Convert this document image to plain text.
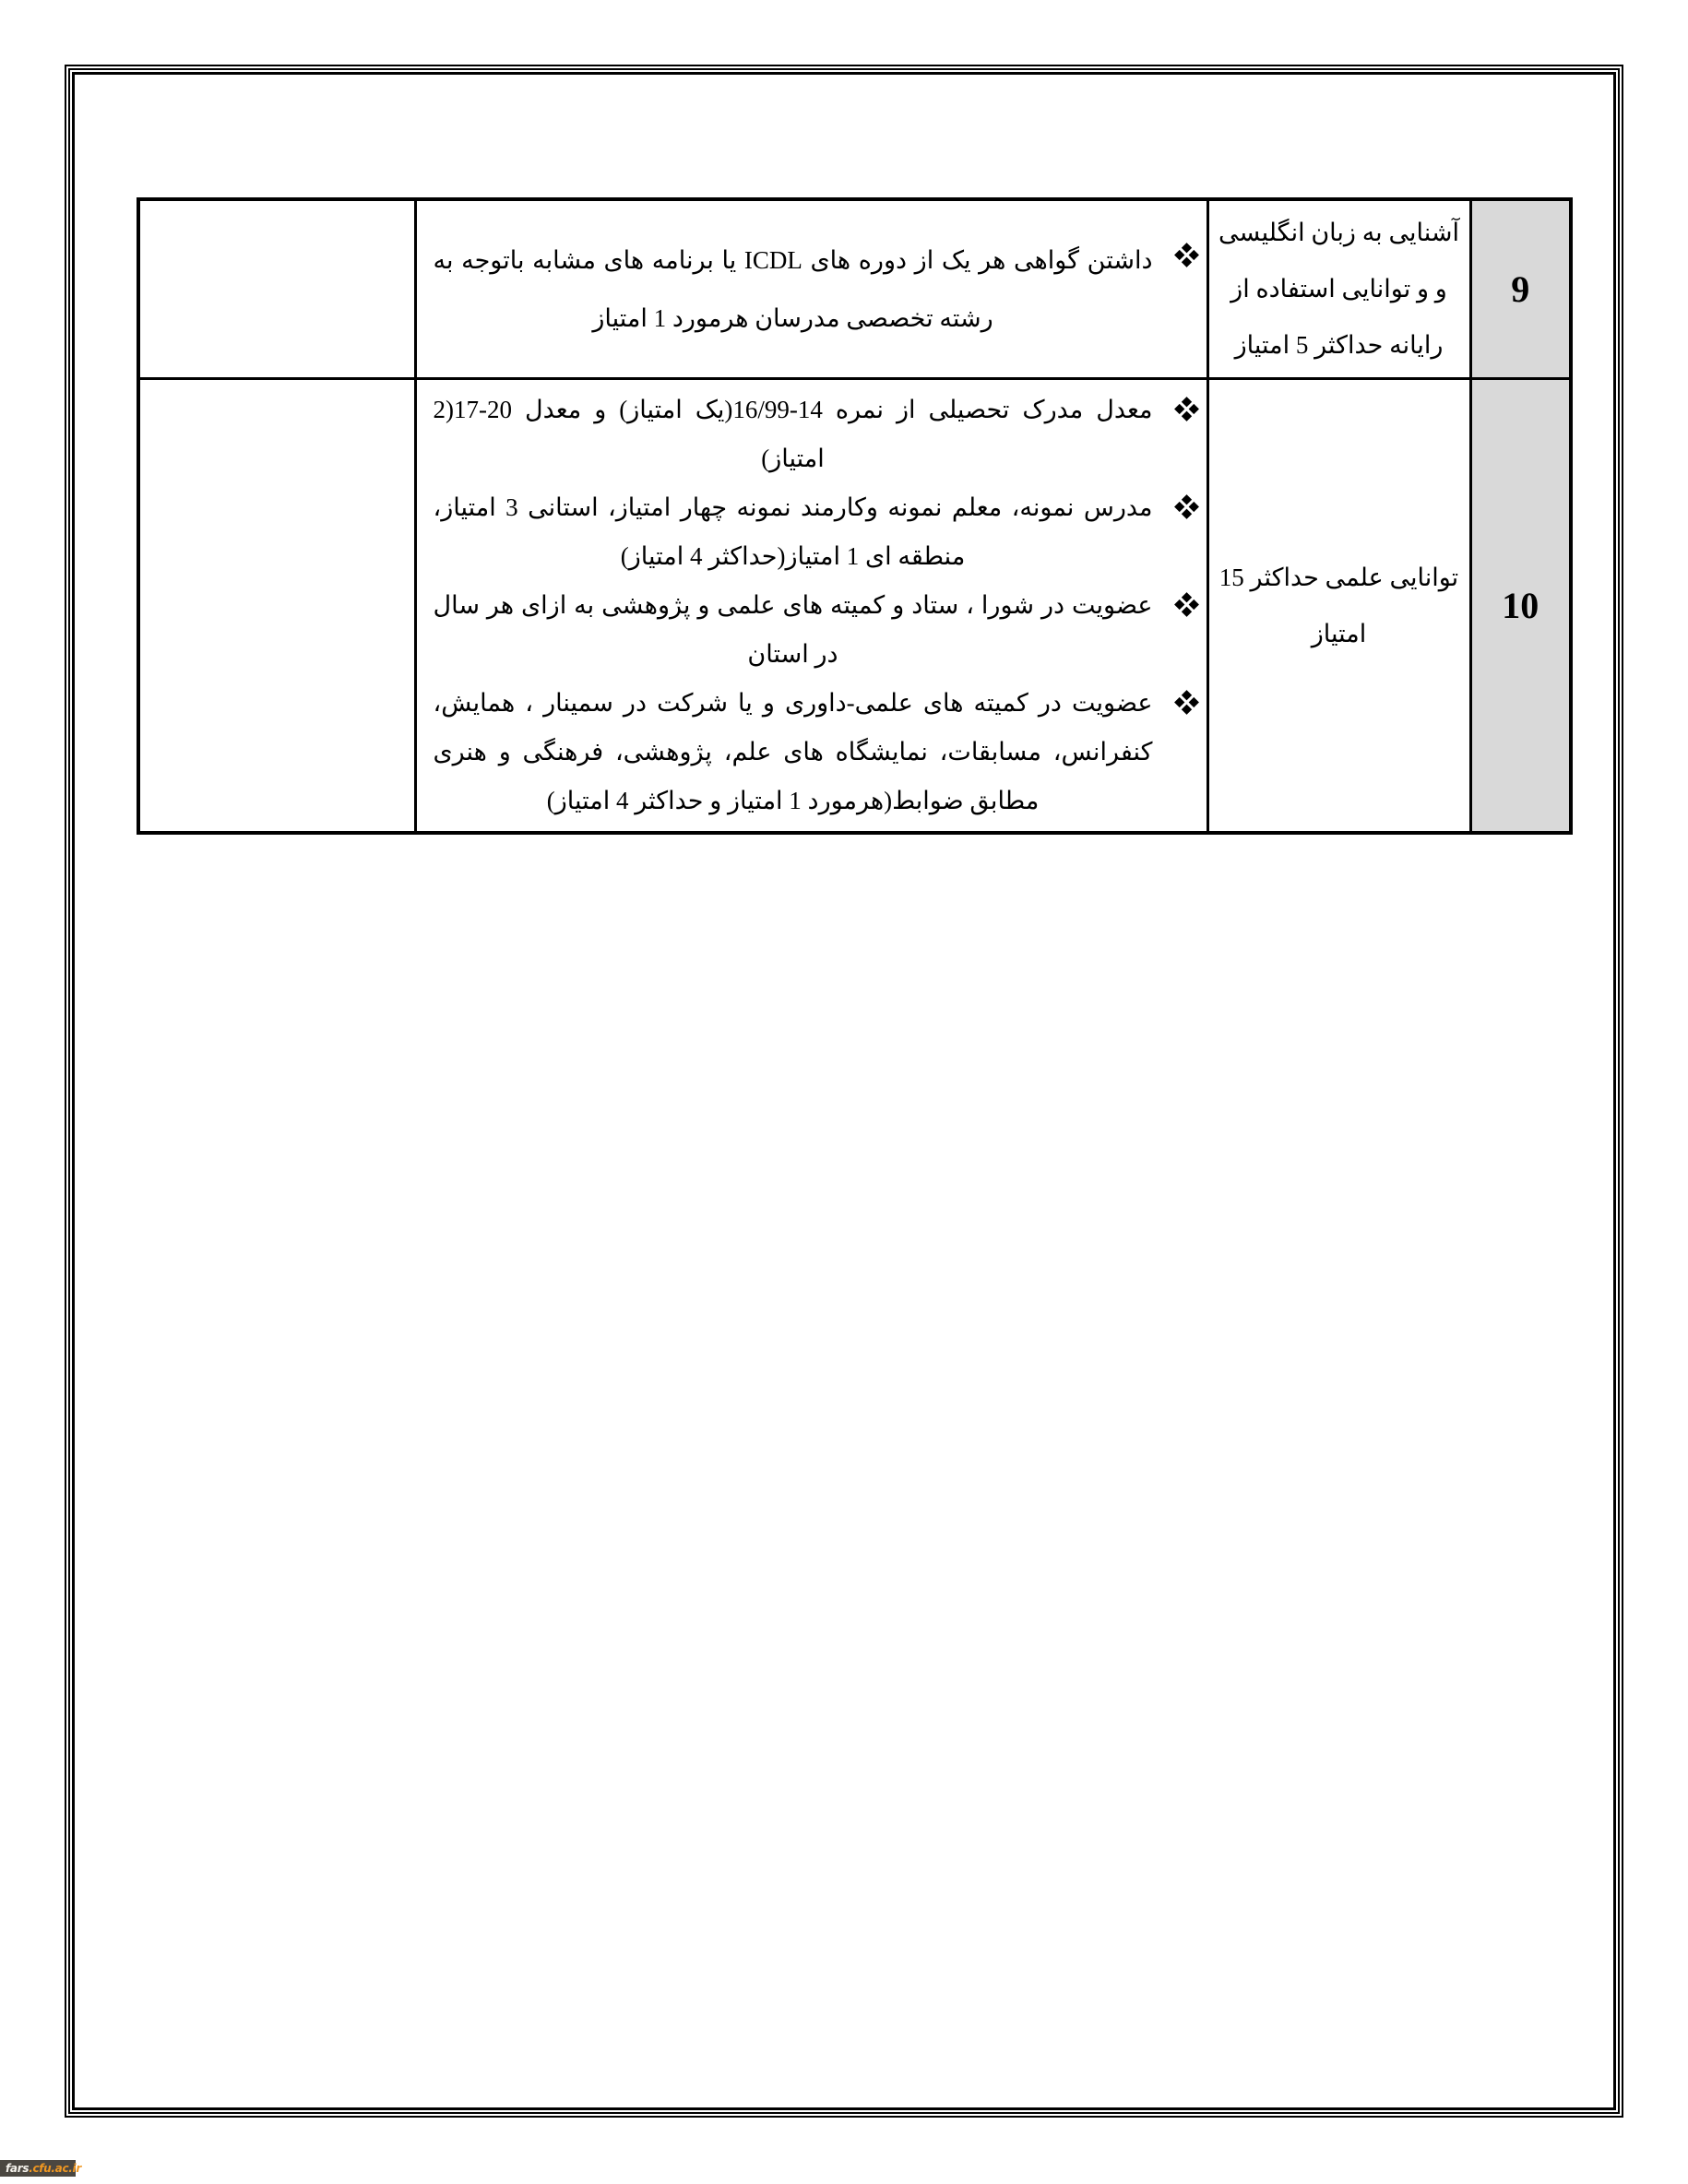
9	آشنایی به زبان انگلیسی و و توانایی استفاده از رایانه حداکثر 5 امتیاز	داشتن گواهی هر یک از دوره های ICDL یا برنامه های مشابه باتوجه به رشته تخصصی مدرسان هرمورد 1 امتیاز	

10	توانایی علمی حداکثر 15 امتیاز	معدل مدرک تحصیلی از نمره 14-16/99(یک امتیاز) و معدل 20-17(2 امتیاز)
مدرس نمونه، معلم نمونه وکارمند نمونه چهار امتیاز، استانی 3 امتیاز، منطقه ای 1 امتیاز(حداکثر 4 امتیاز)
عضویت در شورا ، ستاد و کمیته های علمی و پژوهشی به ازای هر سال در استان
عضویت در کمیته های علمی-داوری و یا شرکت در سمینار ، همایش، کنفرانس، مسابقات، نمایشگاه های علم، پژوهشی، فرهنگی و هنری مطابق ضوابط(هرمورد 1 امتیاز و حداکثر 4 امتیاز)	

fars .cfu.ac.ir
